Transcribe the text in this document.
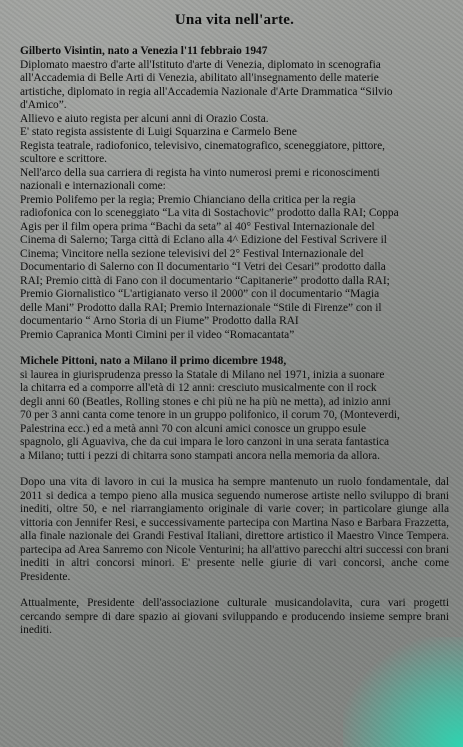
Una vita nell'arte.
Gilberto Visintin, nato a Venezia l'11 febbraio 1947
Diplomato maestro d'arte all'Istituto d'arte di Venezia, diplomato in scenografia
all'Accademia di Belle Arti di Venezia, abilitato all'insegnamento delle materie
artistiche, diplomato in regia all'Accademia Nazionale d'Arte Drammatica “Silvio
d'Amico”.
Allievo e aiuto regista per alcuni anni di Orazio Costa.
E' stato regista assistente di Luigi Squarzina e Carmelo Bene
Regista teatrale, radiofonico, televisivo, cinematografico, sceneggiatore, pittore,
scultore e scrittore.
Nell'arco della sua carriera di regista ha vinto numerosi premi e riconoscimenti
nazionali e internazionali come:
Premio Polifemo per la regia; Premio Chianciano della critica per la regia
radiofonica con lo sceneggiato “La vita di Sostachovic” prodotto dalla RAI; Coppa
Agis per il film opera prima “Bachi da seta” al 40° Festival Internazionale del
Cinema di Salerno; Targa città di Eclano alla 4^ Edizione del Festival Scrivere il
Cinema; Vincitore nella sezione televisivi del 2° Festival Internazionale del
Documentario di Salerno con Il documentario “I Vetri dei Cesari” prodotto dalla
RAI; Premio città di Fano con il documentario “Capitanerie” prodotto dalla RAI;
Premio Giornalistico “L'artigianato verso il 2000” con il documentario “Magia
delle Mani” Prodotto dalla RAI; Premio Internazionale “Stile di Firenze” con il
documentario “ Arno Storia di un Fiume” Prodotto dalla RAI
Premio Capranica Monti Cimini per il video “Romacantata”
Michele Pittoni, nato a Milano il primo dicembre 1948,
si laurea in giurisprudenza presso la Statale di Milano nel 1971, inizia a suonare
la chitarra ed a comporre all'età di 12 anni: cresciuto musicalmente con il rock
degli anni 60 (Beatles, Rolling stones e chi più ne ha più ne metta), ad inizio anni
70 per 3 anni canta come tenore in un gruppo polifonico, il corum 70, (Monteverdi,
Palestrina ecc.) ed a metà anni 70 con alcuni amici conosce un gruppo esule
spagnolo, gli Aguaviva, che da cui impara le loro canzoni in una serata fantastica
a Milano; tutti i pezzi di chitarra sono stampati ancora nella memoria da allora.
Dopo una vita di lavoro in cui la musica ha sempre mantenuto un ruolo fondamentale, dal 2011 si dedica a tempo pieno alla musica seguendo numerose artiste nello sviluppo di brani inediti, oltre 50, e nel riarrangiamento originale di varie cover; in particolare giunge alla vittoria con Jennifer Resi, e successivamente partecipa con Martina Naso e Barbara Frazzetta, alla finale nazionale dei Grandi Festival Italiani, direttore artistico il Maestro Vince Tempera. partecipa ad Area Sanremo con Nicole Venturini; ha all'attivo parecchi altri successi con brani inediti in altri concorsi minori. E' presente nelle giurie di vari concorsi, anche come Presidente.
Attualmente, Presidente dell'associazione culturale musicandolavita, cura vari progetti cercando sempre di dare spazio ai giovani sviluppando e producendo insieme sempre brani inediti.
